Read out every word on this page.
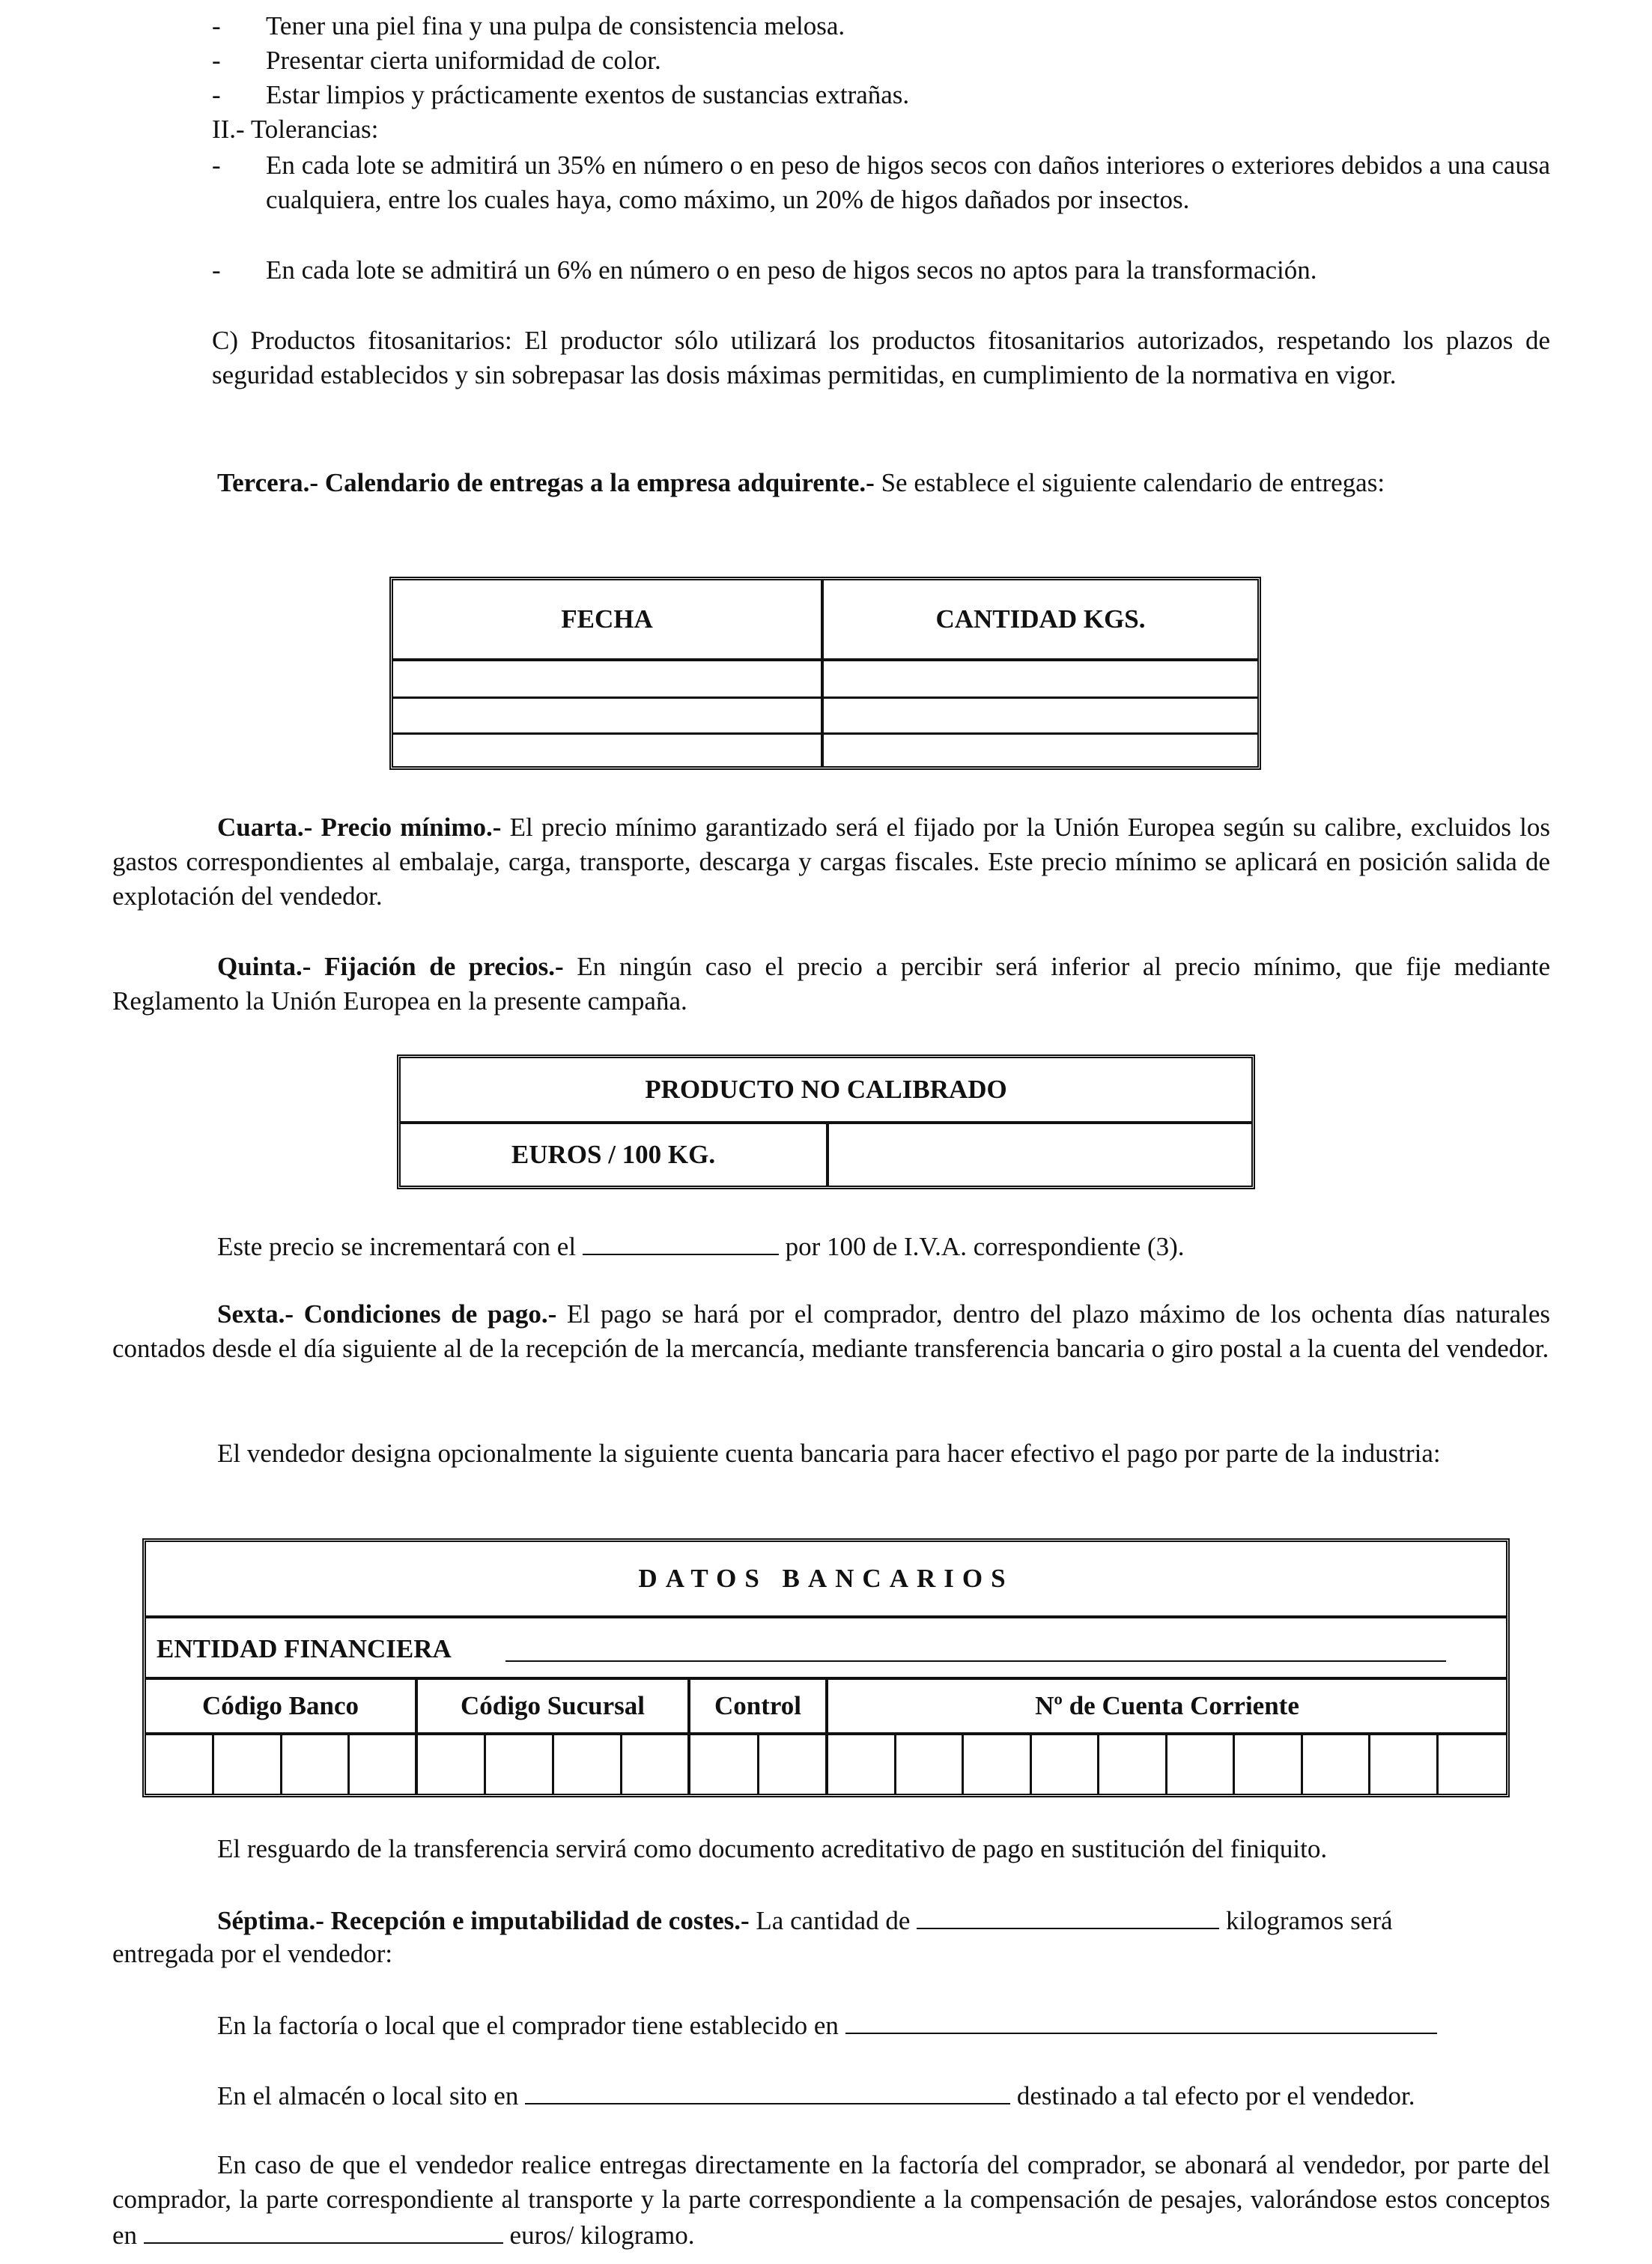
- Tener una piel fina y una pulpa de consistencia melosa.
- Presentar cierta uniformidad de color.
- Estar limpios y prácticamente exentos de sustancias extrañas.
II.- Tolerancias:
- En cada lote se admitirá un 35% en número o en peso de higos secos con daños interiores o exteriores debidos a una causa cualquiera, entre los cuales haya, como máximo, un 20% de higos dañados por insectos.

- En cada lote se admitirá un 6% en número o en peso de higos secos no aptos para la transformación.

C) Productos fitosanitarios: El productor sólo utilizará los productos fitosanitarios autorizados, respetando los plazos de seguridad establecidos y sin sobrepasar las dosis máximas permitidas, en cumplimiento de la normativa en vigor.

Tercera.- Calendario de entregas a la empresa adquirente.- Se establece el siguiente calendario de entregas:

FECHA	CANTIDAD KGS.

Cuarta.- Precio mínimo.- El precio mínimo garantizado será el fijado por la Unión Europea según su calibre, excluidos los gastos correspondientes al embalaje, carga, transporte, descarga y cargas fiscales. Este precio mínimo se aplicará en posición salida de explotación del vendedor.

Quinta.- Fijación de precios.- En ningún caso el precio a percibir será inferior al precio mínimo, que fije mediante Reglamento la Unión Europea en la presente campaña.

PRODUCTO NO CALIBRADO
EUROS / 100 KG.
Este precio se incrementará con el	por 100 de I.V.A. correspondiente (3).

Sexta.- Condiciones de pago.- El pago se hará por el comprador, dentro del plazo máximo de los ochenta días naturales contados desde el día siguiente al de la recepción de la mercancía, mediante transferencia bancaria o giro postal a la cuenta del vendedor.

El vendedor designa opcionalmente la siguiente cuenta bancaria para hacer efectivo el pago por parte de la industria:

DATOS BANCARIOS
ENTIDAD FINANCIERA
Código Banco	Código Sucursal	Control	Nº de Cuenta Corriente
El resguardo de la transferencia servirá como documento acreditativo de pago en sustitución del finiquito.
Séptima.- Recepción e imputabilidad de costes.- La cantidad de	kilogramos será
entregada por el vendedor:
En la factoría o local que el comprador tiene establecido en
En el almacén o local sito en	destinado a tal efecto por el vendedor.

En caso de que el vendedor realice entregas directamente en la factoría del comprador, se abonará al vendedor, por parte del comprador, la parte correspondiente al transporte y la parte correspondiente a la compensación de pesajes, valorándose estos conceptos en	euros/ kilogramo.
